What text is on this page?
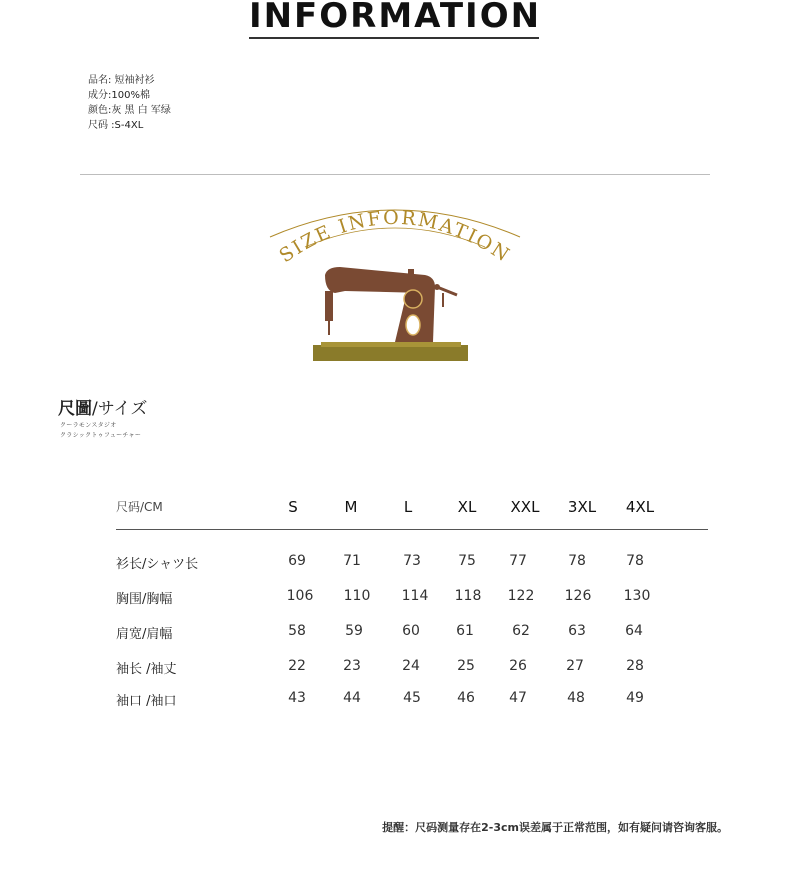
INFORMATION
品名: 短袖衬衫
成分:100%棉
颜色:灰 黑 白 军绿
尺码 :S-4XL
SIZE INFORMATION
尺圖/サイズ
クーラモンスタジオ
クラシックトゥフューチャー
尺码/CM	S	M	L	XL	XXL	3XL	4XL
衫长/シャツ长	69	71	73	75	77	78	78
胸围/胸幅	106	110	114	118	122	126	130
肩宽/肩幅	58	59	60	61	62	63	64
袖长 /袖丈	22	23	24	25	26	27	28
袖口 /袖口	43	44	45	46	47	48	49
提醒：尺码测量存在2-3cm误差属于正常范围，如有疑问请咨询客服。
